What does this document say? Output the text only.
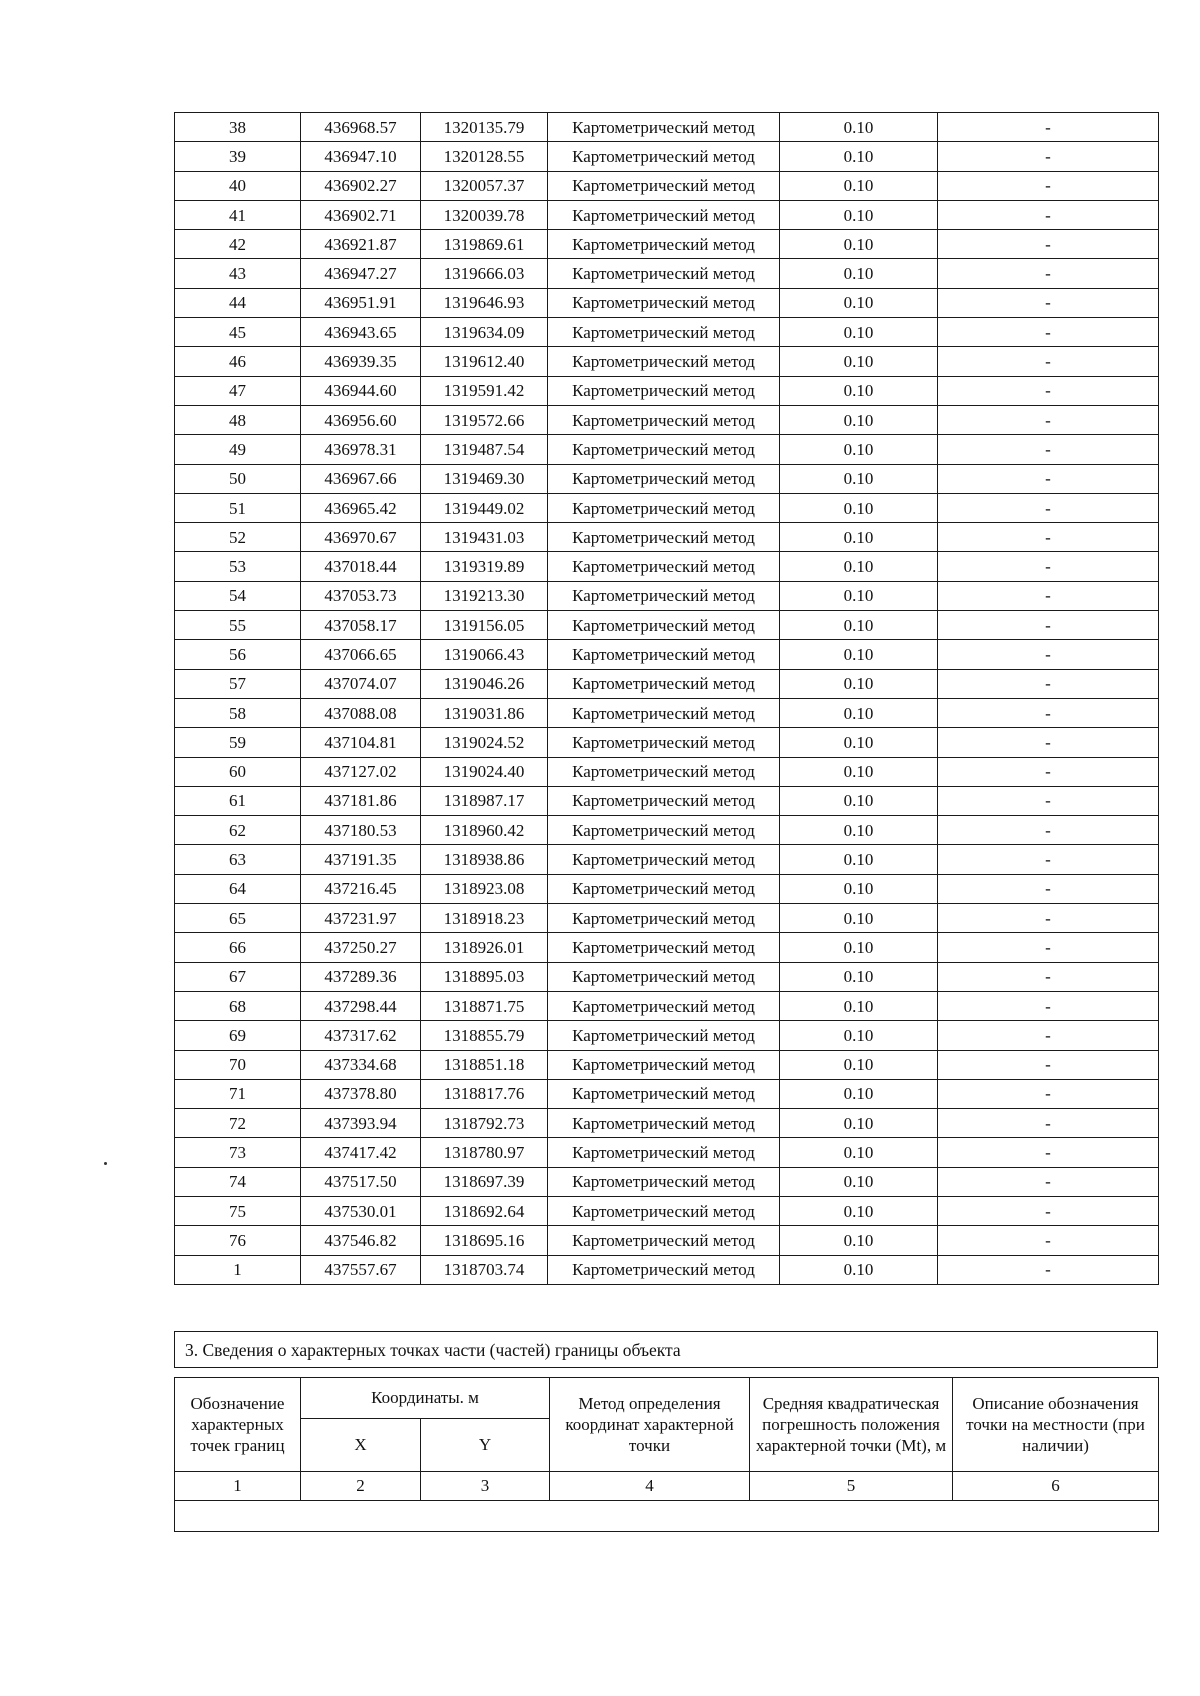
38	436968.57	1320135.79	Картометрический метод	0.10	-
39	436947.10	1320128.55	Картометрический метод	0.10	-
40	436902.27	1320057.37	Картометрический метод	0.10	-
41	436902.71	1320039.78	Картометрический метод	0.10	-
42	436921.87	1319869.61	Картометрический метод	0.10	-
43	436947.27	1319666.03	Картометрический метод	0.10	-
44	436951.91	1319646.93	Картометрический метод	0.10	-
45	436943.65	1319634.09	Картометрический метод	0.10	-
46	436939.35	1319612.40	Картометрический метод	0.10	-
47	436944.60	1319591.42	Картометрический метод	0.10	-
48	436956.60	1319572.66	Картометрический метод	0.10	-
49	436978.31	1319487.54	Картометрический метод	0.10	-
50	436967.66	1319469.30	Картометрический метод	0.10	-
51	436965.42	1319449.02	Картометрический метод	0.10	-
52	436970.67	1319431.03	Картометрический метод	0.10	-
53	437018.44	1319319.89	Картометрический метод	0.10	-
54	437053.73	1319213.30	Картометрический метод	0.10	-
55	437058.17	1319156.05	Картометрический метод	0.10	-
56	437066.65	1319066.43	Картометрический метод	0.10	-
57	437074.07	1319046.26	Картометрический метод	0.10	-
58	437088.08	1319031.86	Картометрический метод	0.10	-
59	437104.81	1319024.52	Картометрический метод	0.10	-
60	437127.02	1319024.40	Картометрический метод	0.10	-
61	437181.86	1318987.17	Картометрический метод	0.10	-
62	437180.53	1318960.42	Картометрический метод	0.10	-
63	437191.35	1318938.86	Картометрический метод	0.10	-
64	437216.45	1318923.08	Картометрический метод	0.10	-
65	437231.97	1318918.23	Картометрический метод	0.10	-
66	437250.27	1318926.01	Картометрический метод	0.10	-
67	437289.36	1318895.03	Картометрический метод	0.10	-
68	437298.44	1318871.75	Картометрический метод	0.10	-
69	437317.62	1318855.79	Картометрический метод	0.10	-
70	437334.68	1318851.18	Картометрический метод	0.10	-
71	437378.80	1318817.76	Картометрический метод	0.10	-
72	437393.94	1318792.73	Картометрический метод	0.10	-
73	437417.42	1318780.97	Картометрический метод	0.10	-
74	437517.50	1318697.39	Картометрический метод	0.10	-
75	437530.01	1318692.64	Картометрический метод	0.10	-
76	437546.82	1318695.16	Картометрический метод	0.10	-
1	437557.67	1318703.74	Картометрический метод	0.10	-
3. Сведения о характерных точках части (частей) границы объекта
Обозначение характерных точек границ	Координаты. м		Метод определения координат характерной точки	Средняя квадратическая погрешность положения характерной точки (Mt), м	Описание обозначения точки на местности (при наличии)
	X	Y			
1	2	3	4	5	6
